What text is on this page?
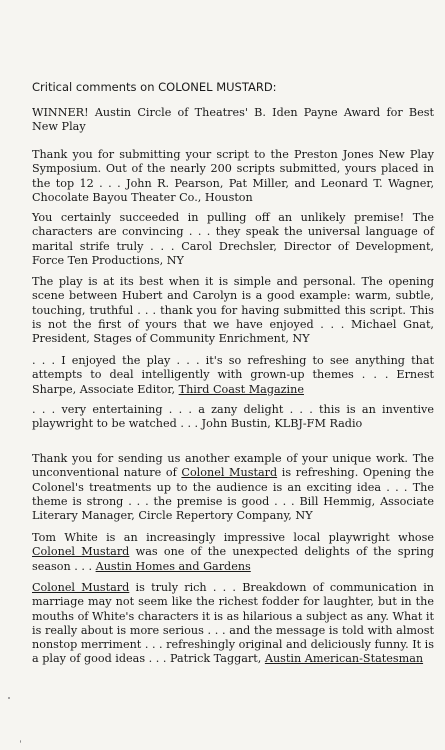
Critical comments on COLONEL MUSTARD:

WINNER! Austin Circle of Theatres' B. Iden Payne Award for Best New Play

Thank you for submitting your script to the Preston Jones New Play Symposium. Out of the nearly 200 scripts submitted, yours placed in the top 12 . . . John R. Pearson, Pat Miller, and Leonard T. Wagner, Chocolate Bayou Theater Co., Houston

You certainly succeeded in pulling off an unlikely premise! The characters are convincing . . . they speak the universal language of marital strife truly . . . Carol Drechsler, Director of Development, Force Ten Productions, NY

The play is at its best when it is simple and personal. The opening scene between Hubert and Carolyn is a good example: warm, subtle, touching, truthful . . . thank you for having submitted this script. This is not the first of yours that we have enjoyed . . . Michael Gnat, President, Stages of Community Enrichment, NY

. . . I enjoyed the play . . . it's so refreshing to see anything that attempts to deal intelligently with grown-up themes . . . Ernest Sharpe, Associate Editor, Third Coast Magazine

. . . very entertaining . . . a zany delight . . . this is an inventive playwright to be watched . . . John Bustin, KLBJ-FM Radio

Thank you for sending us another example of your unique work. The unconventional nature of Colonel Mustard is refreshing. Opening the Colonel's treatments up to the audience is an exciting idea . . . The theme is strong . . . the premise is good . . . Bill Hemmig, Associate Literary Manager, Circle Repertory Company, NY

Tom White is an increasingly impressive local playwright whose Colonel Mustard was one of the unexpected delights of the spring season . . . Austin Homes and Gardens

Colonel Mustard is truly rich . . . Breakdown of communication in marriage may not seem like the richest fodder for laughter, but in the mouths of White's characters it is as hilarious a subject as any. What it is really about is more serious . . . and the message is told with almost nonstop merriment . . . refreshingly original and deliciously funny. It is a play of good ideas . . . Patrick Taggart, Austin American-Statesman
